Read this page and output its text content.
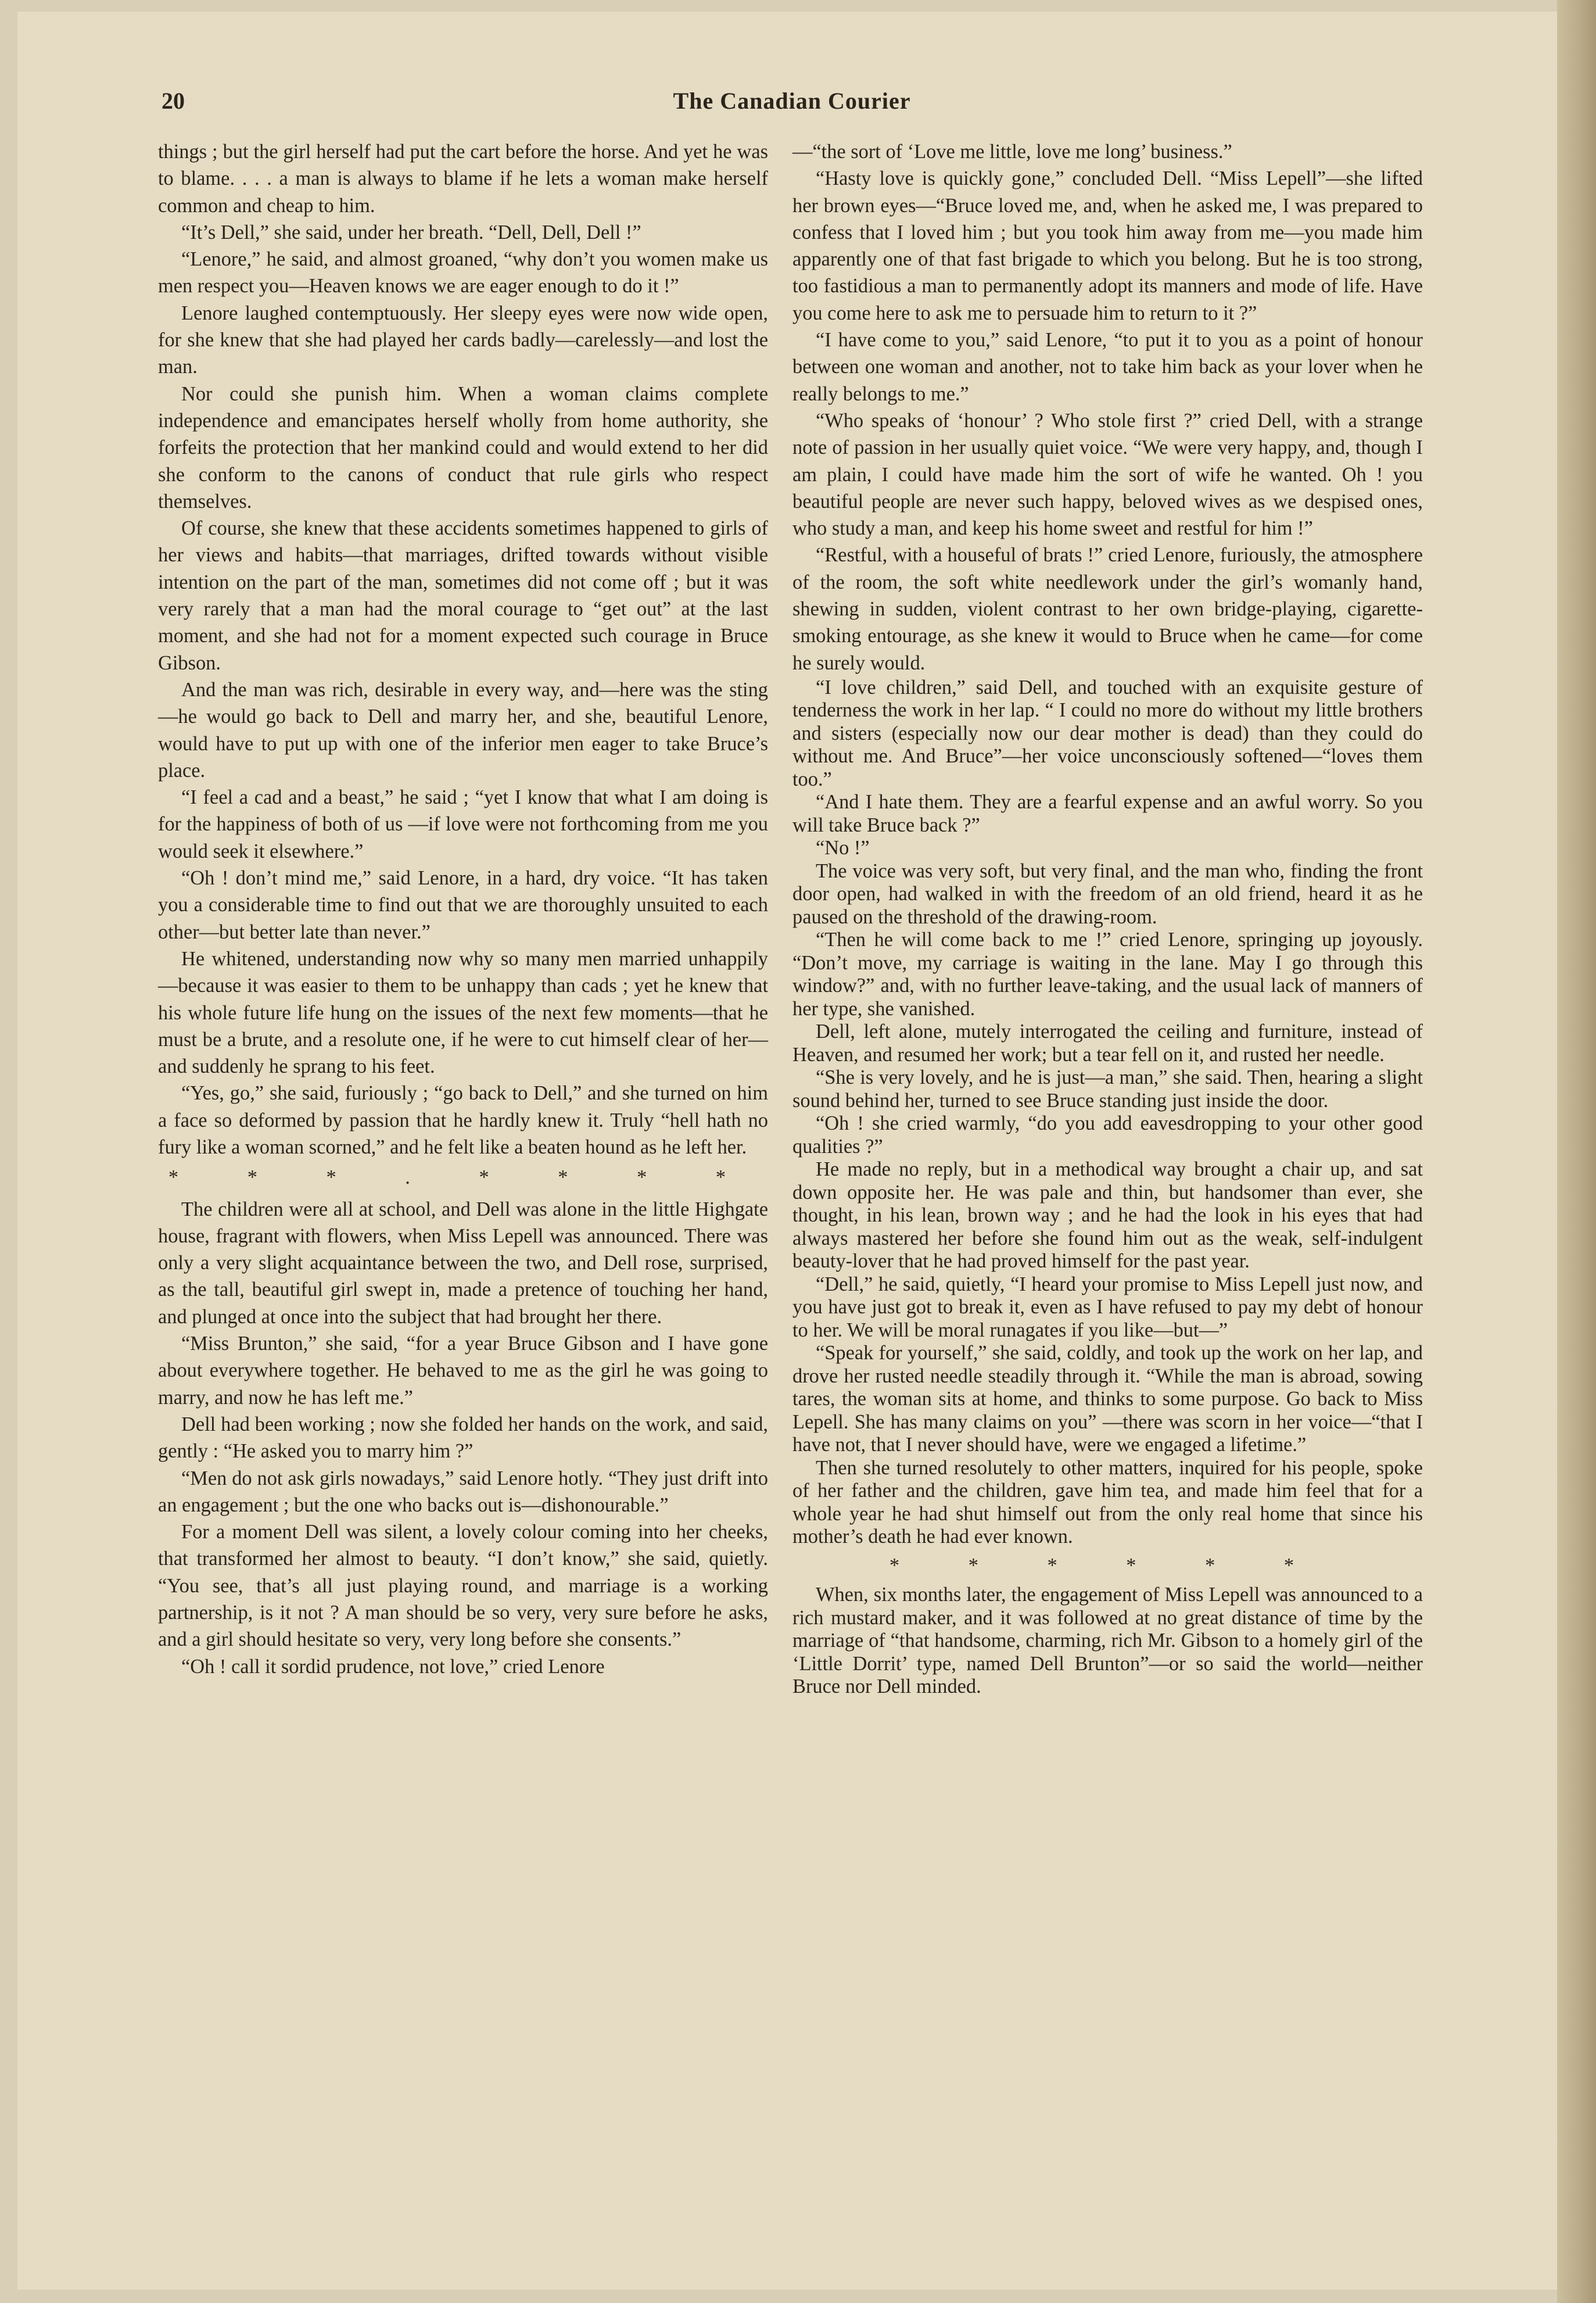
20	The Canadian Courier

things ; but the girl herself had put the cart before the horse. And yet he was to blame. . . . a man is always to blame if he lets a woman make herself common and cheap to him.

“It’s Dell,” she said, under her breath. “Dell, Dell, Dell !”

“Lenore,” he said, and almost groaned, “why don’t you women make us men respect you—Heaven knows we are eager enough to do it !”

Lenore laughed contemptuously. Her sleepy eyes were now wide open, for she knew that she had played her cards badly—carelessly—and lost the man.

Nor could she punish him. When a woman claims complete independence and emancipates herself wholly from home authority, she forfeits the protection that her mankind could and would extend to her did she conform to the canons of conduct that rule girls who respect themselves.

Of course, she knew that these accidents sometimes happened to girls of her views and habits—that marriages, drifted towards without visible intention on the part of the man, sometimes did not come off ; but it was very rarely that a man had the moral courage to “get out” at the last moment, and she had not for a moment expected such courage in Bruce Gibson.

And the man was rich, desirable in every way, and—here was the sting—he would go back to Dell and marry her, and she, beautiful Lenore, would have to put up with one of the inferior men eager to take Bruce’s place.

“I feel a cad and a beast,” he said ; “yet I know that what I am doing is for the happiness of both of us —if love were not forthcoming from me you would seek it elsewhere.”

“Oh ! don’t mind me,” said Lenore, in a hard, dry voice. “It has taken you a considerable time to find out that we are thoroughly unsuited to each other—but better late than never.”

He whitened, understanding now why so many men married unhappily—because it was easier to them to be unhappy than cads ; yet he knew that his whole future life hung on the issues of the next few moments—that he must be a brute, and a resolute one, if he were to cut himself clear of her—and suddenly he sprang to his feet.

“Yes, go,” she said, furiously ; “go back to Dell,” and she turned on him a face so deformed by passion that he hardly knew it. Truly “hell hath no fury like a woman scorned,” and he felt like a beaten hound as he left her.

* * * . * * * *

The children were all at school, and Dell was alone in the little Highgate house, fragrant with flowers, when Miss Lepell was announced. There was only a very slight acquaintance between the two, and Dell rose, surprised, as the tall, beautiful girl swept in, made a pretence of touching her hand, and plunged at once into the subject that had brought her there.

“Miss Brunton,” she said, “for a year Bruce Gibson and I have gone about everywhere together. He behaved to me as the girl he was going to marry, and now he has left me.”

Dell had been working ; now she folded her hands on the work, and said, gently : “He asked you to marry him ?”

“Men do not ask girls nowadays,” said Lenore hotly. “They just drift into an engagement ; but the one who backs out is—dishonourable.”

For a moment Dell was silent, a lovely colour coming into her cheeks, that transformed her almost to beauty. “I don’t know,” she said, quietly. “You see, that’s all just playing round, and marriage is a working partnership, is it not ? A man should be so very, very sure before he asks, and a girl should hesitate so very, very long before she consents.”

“Oh ! call it sordid prudence, not love,” cried Lenore

—“the sort of ‘Love me little, love me long’ business.”

“Hasty love is quickly gone,” concluded Dell. “Miss Lepell”—she lifted her brown eyes—“Bruce loved me, and, when he asked me, I was prepared to confess that I loved him ; but you took him away from me—you made him apparently one of that fast brigade to which you belong. But he is too strong, too fastidious a man to permanently adopt its manners and mode of life. Have you come here to ask me to persuade him to return to it ?”

“I have come to you,” said Lenore, “to put it to you as a point of honour between one woman and another, not to take him back as your lover when he really belongs to me.”

“Who speaks of ‘honour’ ? Who stole first ?” cried Dell, with a strange note of passion in her usually quiet voice. “We were very happy, and, though I am plain, I could have made him the sort of wife he wanted. Oh ! you beautiful people are never such happy, beloved wives as we despised ones, who study a man, and keep his home sweet and restful for him !”

“Restful, with a houseful of brats !” cried Lenore, furiously, the atmosphere of the room, the soft white needlework under the girl’s womanly hand, shewing in sudden, violent contrast to her own bridge-playing, cigarette-smoking entourage, as she knew it would to Bruce when he came—for come he surely would.

“I love children,” said Dell, and touched with an exquisite gesture of tenderness the work in her lap. “ I could no more do without my little brothers and sisters (especially now our dear mother is dead) than they could do without me. And Bruce”—her voice unconsciously softened—“loves them too.”

“And I hate them. They are a fearful expense and an awful worry. So you will take Bruce back ?”

“No !”

The voice was very soft, but very final, and the man who, finding the front door open, had walked in with the freedom of an old friend, heard it as he paused on the threshold of the drawing-room.

“Then he will come back to me !” cried Lenore, springing up joyously. “Don’t move, my carriage is waiting in the lane. May I go through this window?” and, with no further leave-taking, and the usual lack of manners of her type, she vanished.

Dell, left alone, mutely interrogated the ceiling and furniture, instead of Heaven, and resumed her work; but a tear fell on it, and rusted her needle.

“She is very lovely, and he is just—a man,” she said. Then, hearing a slight sound behind her, turned to see Bruce standing just inside the door.

“Oh ! she cried warmly, “do you add eavesdropping to your other good qualities ?”

He made no reply, but in a methodical way brought a chair up, and sat down opposite her. He was pale and thin, but handsomer than ever, she thought, in his lean, brown way ; and he had the look in his eyes that had always mastered her before she found him out as the weak, self-indulgent beauty-lover that he had proved himself for the past year.

“Dell,” he said, quietly, “I heard your promise to Miss Lepell just now, and you have just got to break it, even as I have refused to pay my debt of honour to her. We will be moral runagates if you like—but—”

“Speak for yourself,” she said, coldly, and took up the work on her lap, and drove her rusted needle steadily through it. “While the man is abroad, sowing tares, the woman sits at home, and thinks to some purpose. Go back to Miss Lepell. She has many claims on you” —there was scorn in her voice—“that I have not, that I never should have, were we engaged a lifetime.”

Then she turned resolutely to other matters, inquired for his people, spoke of her father and the children, gave him tea, and made him feel that for a whole year he had shut himself out from the only real home that since his mother’s death he had ever known.

* * * * * *

When, six months later, the engagement of Miss Lepell was announced to a rich mustard maker, and it was followed at no great distance of time by the marriage of “that handsome, charming, rich Mr. Gibson to a homely girl of the ‘Little Dorrit’ type, named Dell Brunton”—or so said the world—neither Bruce nor Dell minded.
